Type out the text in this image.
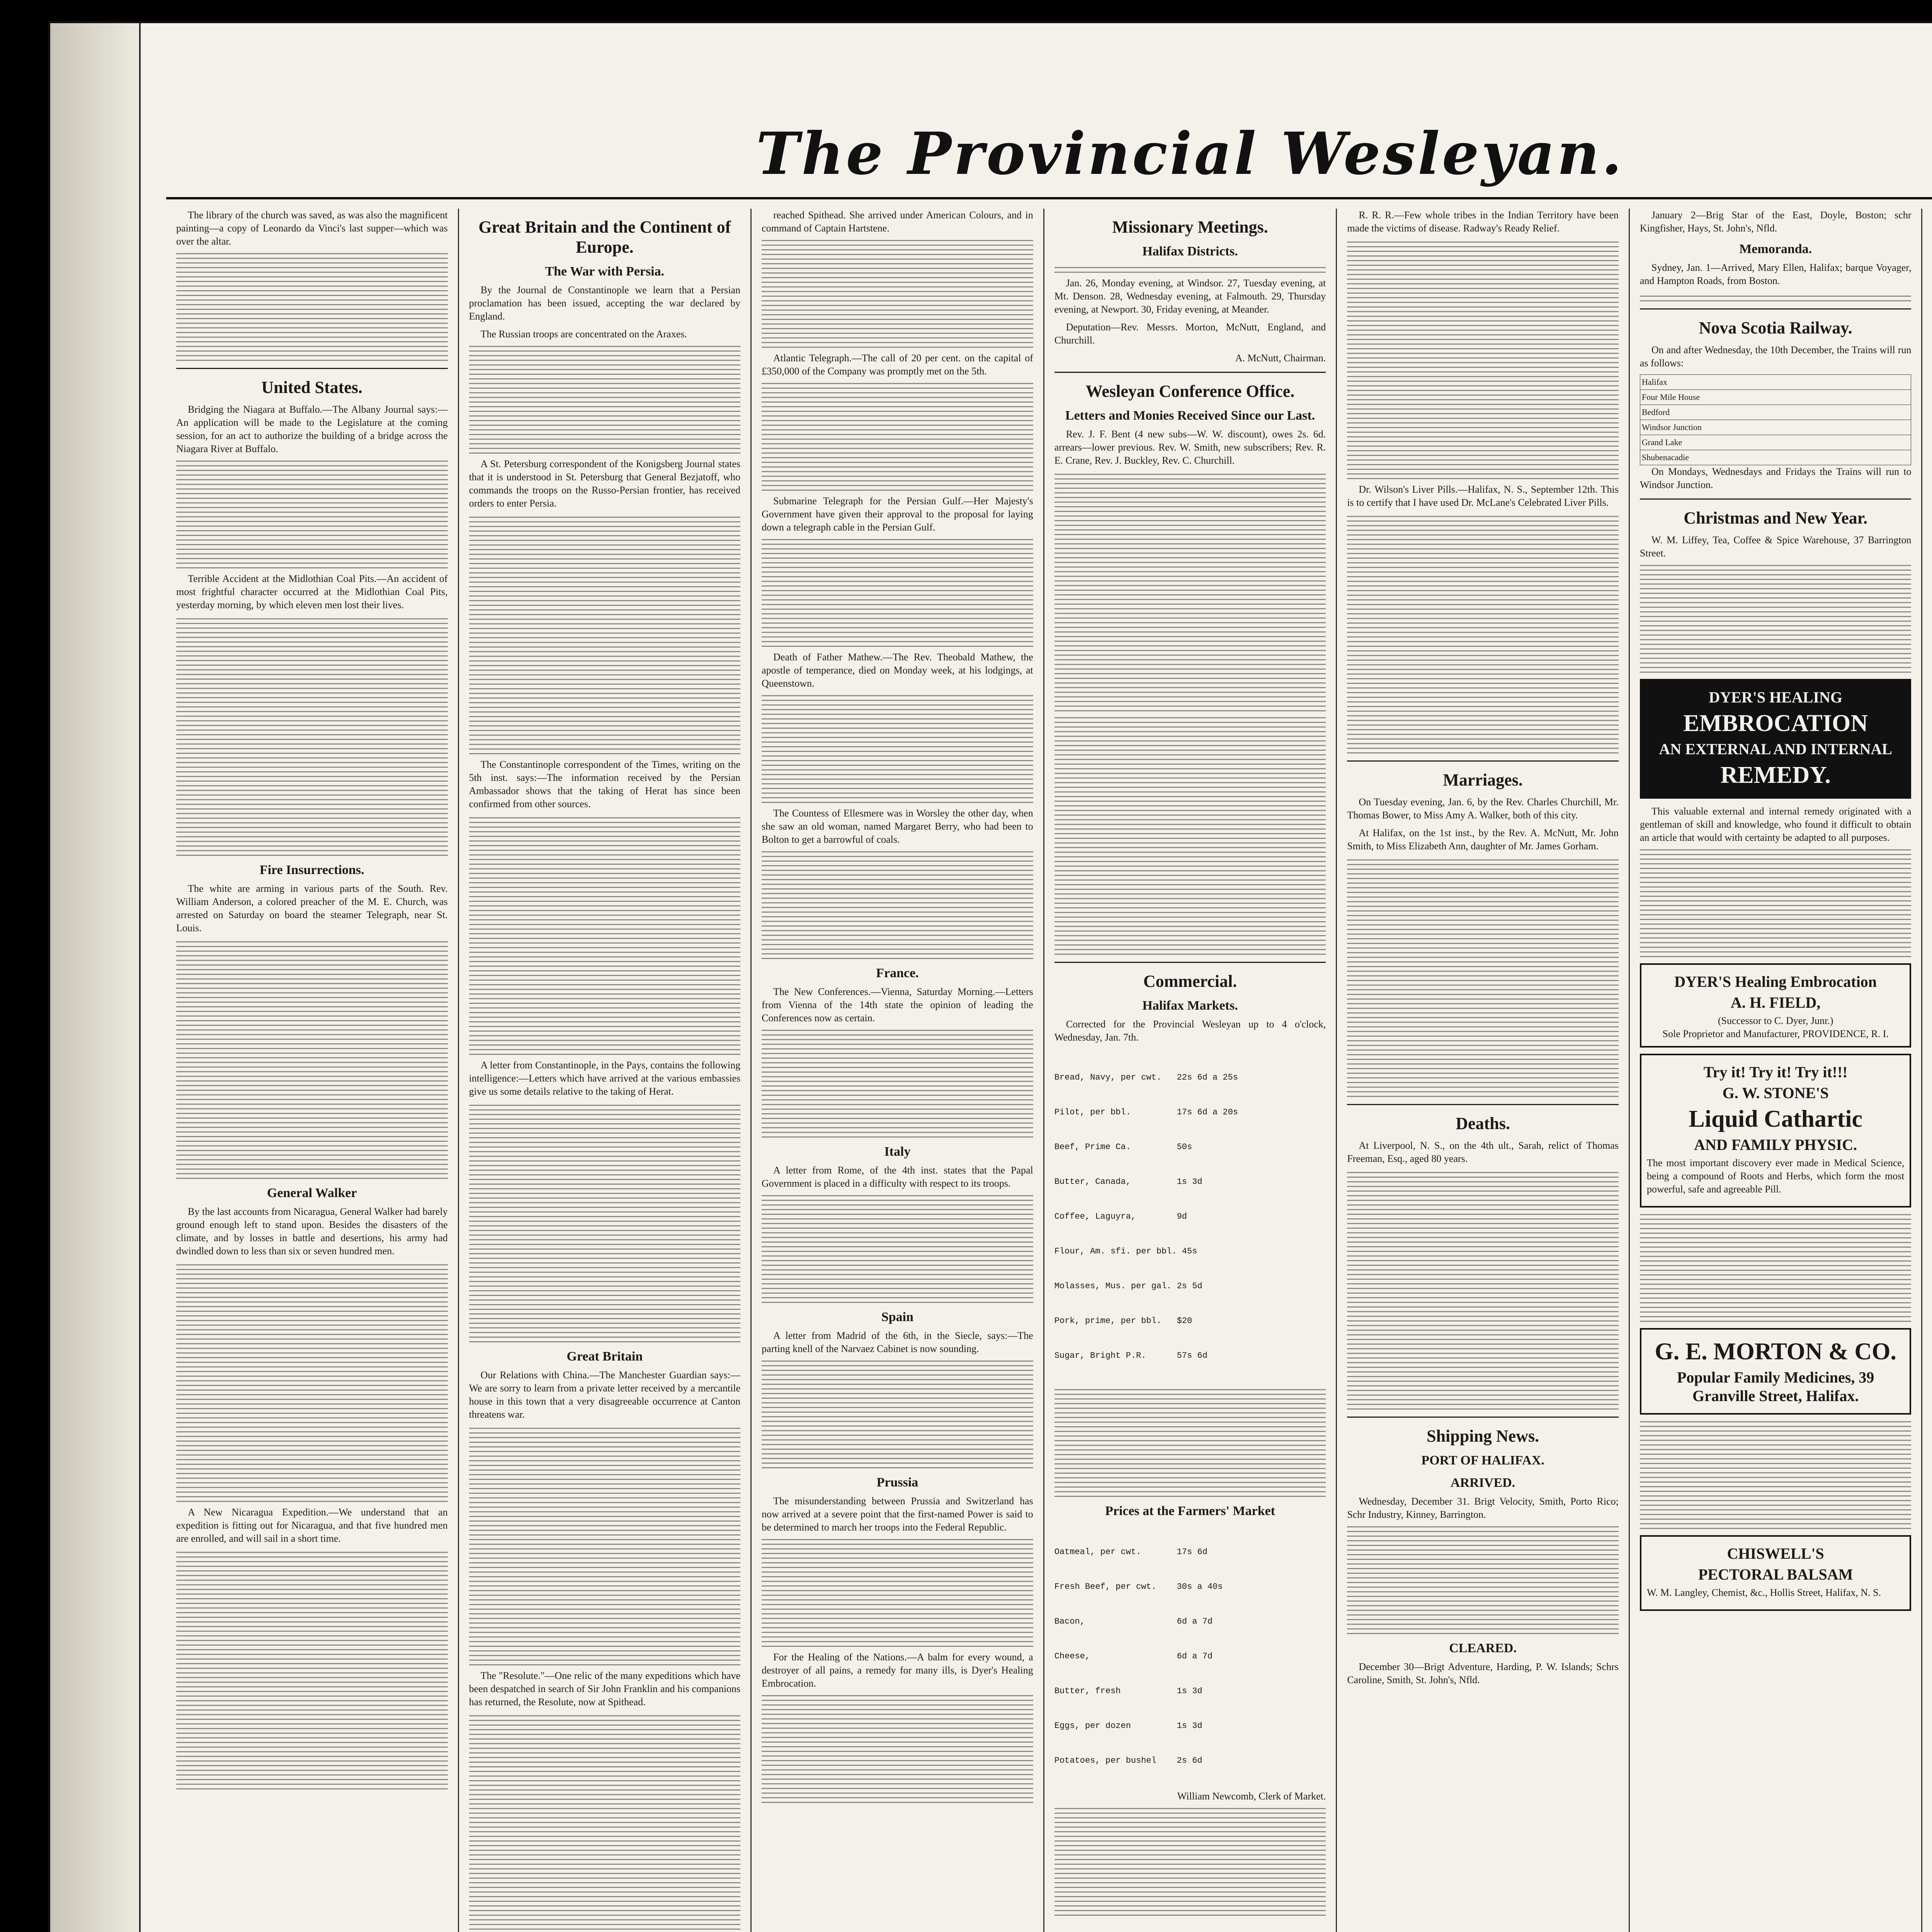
The Provincial Wesleyan.

The library of the church was saved, as was also the magnificent painting—a copy of Leonardo da Vinci's last supper—which was over the altar.

United States.

Bridging the Niagara at Buffalo.—The Albany Journal says:—An application will be made to the Legislature at the coming session, for an act to authorize the building of a bridge across the Niagara River at Buffalo.

Terrible Accident at the Midlothian Coal Pits.—An accident of most frightful character occurred at the Midlothian Coal Pits, yesterday morning, by which eleven men lost their lives.

Fire Insurrections.

The white are arming in various parts of the South. Rev. William Anderson, a colored preacher of the M. E. Church, was arrested on Saturday on board the steamer Telegraph, near St. Louis.

General Walker

By the last accounts from Nicaragua, General Walker had barely ground enough left to stand upon. Besides the disasters of the climate, and by losses in battle and desertions, his army had dwindled down to less than six or seven hundred men.

A New Nicaragua Expedition.—We understand that an expedition is fitting out for Nicaragua, and that five hundred men are enrolled, and will sail in a short time.

Great Britain and the Continent of Europe.
The War with Persia.

By the Journal de Constantinople we learn that a Persian proclamation has been issued, accepting the war declared by England.

The Russian troops are concentrated on the Araxes.

A St. Petersburg correspondent of the Konigsberg Journal states that it is understood in St. Petersburg that General Bezjatoff, who commands the troops on the Russo-Persian frontier, has received orders to enter Persia.

The Constantinople correspondent of the Times, writing on the 5th inst. says:—The information received by the Persian Ambassador shows that the taking of Herat has since been confirmed from other sources.

A letter from Constantinople, in the Pays, contains the following intelligence:—Letters which have arrived at the various embassies give us some details relative to the taking of Herat.

Great Britain

Our Relations with China.—The Manchester Guardian says:—We are sorry to learn from a private letter received by a mercantile house in this town that a very disagreeable occurrence at Canton threatens war.

The "Resolute."—One relic of the many expeditions which have been despatched in search of Sir John Franklin and his companions has returned, the Resolute, now at Spithead.

reached Spithead. She arrived under American Colours, and in command of Captain Hartstene.

Atlantic Telegraph.—The call of 20 per cent. on the capital of £350,000 of the Company was promptly met on the 5th.

Submarine Telegraph for the Persian Gulf.—Her Majesty's Government have given their approval to the proposal for laying down a telegraph cable in the Persian Gulf.

Death of Father Mathew.—The Rev. Theobald Mathew, the apostle of temperance, died on Monday week, at his lodgings, at Queenstown.

The Countess of Ellesmere was in Worsley the other day, when she saw an old woman, named Margaret Berry, who had been to Bolton to get a barrowful of coals.

France.

The New Conferences.—Vienna, Saturday Morning.—Letters from Vienna of the 14th state the opinion of leading the Conferences now as certain.

Italy

A letter from Rome, of the 4th inst. states that the Papal Government is placed in a difficulty with respect to its troops.

Spain

A letter from Madrid of the 6th, in the Siecle, says:—The parting knell of the Narvaez Cabinet is now sounding.

Prussia

The misunderstanding between Prussia and Switzerland has now arrived at a severe point that the first-named Power is said to be determined to march her troops into the Federal Republic.

For the Healing of the Nations.—A balm for every wound, a destroyer of all pains, a remedy for many ills, is Dyer's Healing Embrocation.

Missionary Meetings.
Halifax Districts.

Jan. 26, Monday evening, at Windsor. 27, Tuesday evening, at Mt. Denson. 28, Wednesday evening, at Falmouth. 29, Thursday evening, at Newport. 30, Friday evening, at Meander.

Deputation—Rev. Messrs. Morton, McNutt, England, and Churchill.

A. McNutt, Chairman.

Wesleyan Conference Office.
Letters and Monies Received Since our Last.

Rev. J. F. Bent (4 new subs—W. W. discount), owes 2s. 6d. arrears—lower previous. Rev. W. Smith, new subscribers; Rev. R. E. Crane, Rev. J. Buckley, Rev. C. Churchill.

Commercial.
Halifax Markets.

Corrected for the Provincial Wesleyan up to 4 o'clock, Wednesday, Jan. 7th.

Bread, Navy, per cwt.   22s 6d a 25s

Pilot, per bbl.         17s 6d a 20s

Beef, Prime Ca.         50s

Butter, Canada,         1s 3d

Coffee, Laguyra,        9d

Flour, Am. sfi. per bbl. 45s

Molasses, Mus. per gal. 2s 5d

Pork, prime, per bbl.   $20

Sugar, Bright P.R.      57s 6d

Prices at the Farmers' Market

Oatmeal, per cwt.       17s 6d

Fresh Beef, per cwt.    30s a 40s

Bacon,                  6d a 7d

Cheese,                 6d a 7d

Butter, fresh           1s 3d

Eggs, per dozen         1s 3d

Potatoes, per bushel    2s 6d

William Newcomb, Clerk of Market.

R. R. R.—Few whole tribes in the Indian Territory have been made the victims of disease. Radway's Ready Relief.

Dr. Wilson's Liver Pills.—Halifax, N. S., September 12th. This is to certify that I have used Dr. McLane's Celebrated Liver Pills.

Marriages.

On Tuesday evening, Jan. 6, by the Rev. Charles Churchill, Mr. Thomas Bower, to Miss Amy A. Walker, both of this city.

At Halifax, on the 1st inst., by the Rev. A. McNutt, Mr. John Smith, to Miss Elizabeth Ann, daughter of Mr. James Gorham.

Deaths.

At Liverpool, N. S., on the 4th ult., Sarah, relict of Thomas Freeman, Esq., aged 80 years.

Shipping News.
PORT OF HALIFAX.
ARRIVED.

Wednesday, December 31. Brigt Velocity, Smith, Porto Rico; Schr Industry, Kinney, Barrington.

CLEARED.

December 30—Brigt Adventure, Harding, P. W. Islands; Schrs Caroline, Smith, St. John's, Nfld.

January 2—Brig Star of the East, Doyle, Boston; schr Kingfisher, Hays, St. John's, Nfld.

Memoranda.

Sydney, Jan. 1—Arrived, Mary Ellen, Halifax; barque Voyager, and Hampton Roads, from Boston.

Nova Scotia Railway.

On and after Wednesday, the 10th December, the Trains will run as follows:

Halifax
Four Mile House
Bedford
Windsor Junction
Grand Lake
Shubenacadie

On Mondays, Wednesdays and Fridays the Trains will run to Windsor Junction.

Christmas and New Year.

W. M. Liffey, Tea, Coffee & Spice Warehouse, 37 Barrington Street.

DYER'S HEALING
EMBROCATION
AN EXTERNAL AND INTERNAL
REMEDY.

This valuable external and internal remedy originated with a gentleman of skill and knowledge, who found it difficult to obtain an article that would with certainty be adapted to all purposes.

DYER'S Healing Embrocation
A. H. FIELD,
(Successor to C. Dyer, Junr.)
Sole Proprietor and Manufacturer, PROVIDENCE, R. I.
Try it! Try it! Try it!!!
G. W. STONE'S
Liquid Cathartic
AND FAMILY PHYSIC.

The most important discovery ever made in Medical Science, being a compound of Roots and Herbs, which form the most powerful, safe and agreeable Pill.

G. E. MORTON & CO.
Popular Family Medicines, 39 Granville Street, Halifax.
CHISWELL'S
PECTORAL BALSAM

W. M. Langley, Chemist, &c., Hollis Street, Halifax, N. S.
